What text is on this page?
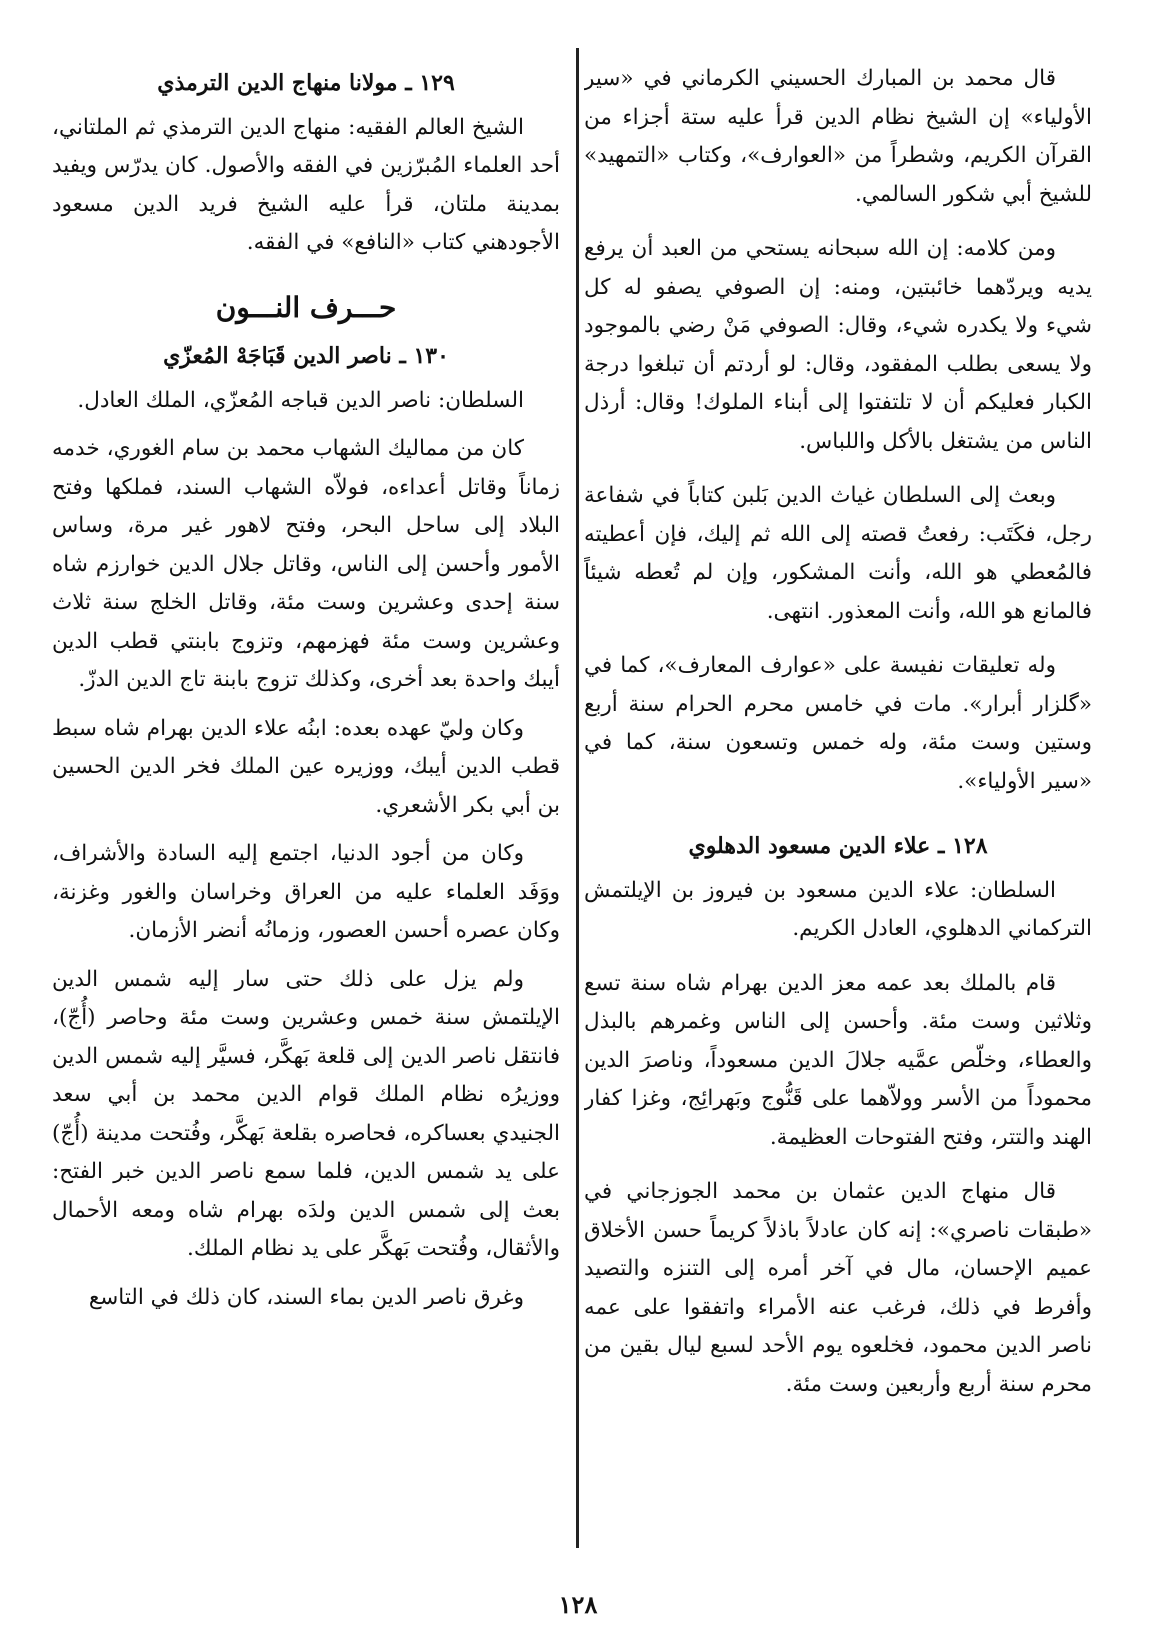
قال محمد بن المبارك الحسيني الكرماني في «سير الأولياء» إن الشيخ نظام الدين قرأ عليه ستة أجزاء من القرآن الكريم، وشطراً من «العوارف»، وكتاب «التمهيد» للشيخ أبي شكور السالمي.

ومن كلامه: إن الله سبحانه يستحي من العبد أن يرفع يديه ويردّهما خائبتين، ومنه: إن الصوفي يصفو له كل شيء ولا يكدره شيء، وقال: الصوفي مَنْ رضي بالموجود ولا يسعى بطلب المفقود، وقال: لو أردتم أن تبلغوا درجة الكبار فعليكم أن لا تلتفتوا إلى أبناء الملوك! وقال: أرذل الناس من يشتغل بالأكل واللباس.

وبعث إلى السلطان غياث الدين بَلبن كتاباً في شفاعة رجل، فكَتَب: رفعتُ قصته إلى الله ثم إليك، فإن أعطيته فالمُعطي هو الله، وأنت المشكور، وإن لم تُعطه شيئاً فالمانع هو الله، وأنت المعذور. انتهى.

وله تعليقات نفيسة على «عوارف المعارف»، كما في «گلزار أبرار». مات في خامس محرم الحرام سنة أربع وستين وست مئة، وله خمس وتسعون سنة، كما في «سير الأولياء».

١٢٨ ـ علاء الدين مسعود الدهلوي

السلطان: علاء الدين مسعود بن فيروز بن الإيلتمش التركماني الدهلوي، العادل الكريم.

قام بالملك بعد عمه معز الدين بهرام شاه سنة تسع وثلاثين وست مئة. وأحسن إلى الناس وغمرهم بالبذل والعطاء، وخلّص عمَّيه جلالَ الدين مسعوداً، وناصرَ الدين محموداً من الأسر وولاّهما على قَنُّوج وبَهرائِج، وغزا كفار الهند والتتر، وفتح الفتوحات العظيمة.

قال منهاج الدين عثمان بن محمد الجوزجاني في «طبقات ناصري»: إنه كان عادلاً باذلاً كريماً حسن الأخلاق عميم الإحسان، مال في آخر أمره إلى التنزه والتصيد وأفرط في ذلك، فرغب عنه الأمراء واتفقوا على عمه ناصر الدين محمود، فخلعوه يوم الأحد لسبع ليال بقين من محرم سنة أربع وأربعين وست مئة.

١٢٩ ـ مولانا منهاج الدين الترمذي

الشيخ العالم الفقيه: منهاج الدين الترمذي ثم الملتاني، أحد العلماء المُبرّزين في الفقه والأصول. كان يدرّس ويفيد بمدينة ملتان، قرأ عليه الشيخ فريد الدين مسعود الأجودهني كتاب «النافع» في الفقه.

حـــرف النـــون
١٣٠ ـ ناصر الدين قَبَاجَهْ المُعزّي

السلطان: ناصر الدين قباجه المُعزّي، الملك العادل.

كان من مماليك الشهاب محمد بن سام الغوري، خدمه زماناً وقاتل أعداءه، فولاّه الشهاب السند، فملكها وفتح البلاد إلى ساحل البحر، وفتح لاهور غير مرة، وساس الأمور وأحسن إلى الناس، وقاتل جلال الدين خوارزم شاه سنة إحدى وعشرين وست مئة، وقاتل الخلج سنة ثلاث وعشرين وست مئة فهزمهم، وتزوج بابنتي قطب الدين أيبك واحدة بعد أخرى، وكذلك تزوج بابنة تاج الدين الدزّ.

وكان وليّ عهده بعده: ابنُه علاء الدين بهرام شاه سبط قطب الدين أيبك، ووزيره عين الملك فخر الدين الحسين بن أبي بكر الأشعري.

وكان من أجود الدنيا، اجتمع إليه السادة والأشراف، ووَفَد العلماء عليه من العراق وخراسان والغور وغزنة، وكان عصره أحسن العصور، وزمانُه أنضر الأزمان.

ولم يزل على ذلك حتى سار إليه شمس الدين الإيلتمش سنة خمس وعشرين وست مئة وحاصر (أُجّ)، فانتقل ناصر الدين إلى قلعة بَهكَّر، فسيَّر إليه شمس الدين ووزيرُه نظام الملك قوام الدين محمد بن أبي سعد الجنيدي بعساكره، فحاصره بقلعة بَهكَّر، وفُتحت مدينة (أُجّ) على يد شمس الدين، فلما سمع ناصر الدين خبر الفتح: بعث إلى شمس الدين ولدَه بهرام شاه ومعه الأحمال والأثقال، وفُتحت بَهكَّر على يد نظام الملك.

وغرق ناصر الدين بماء السند، كان ذلك في التاسع

١٢٨
